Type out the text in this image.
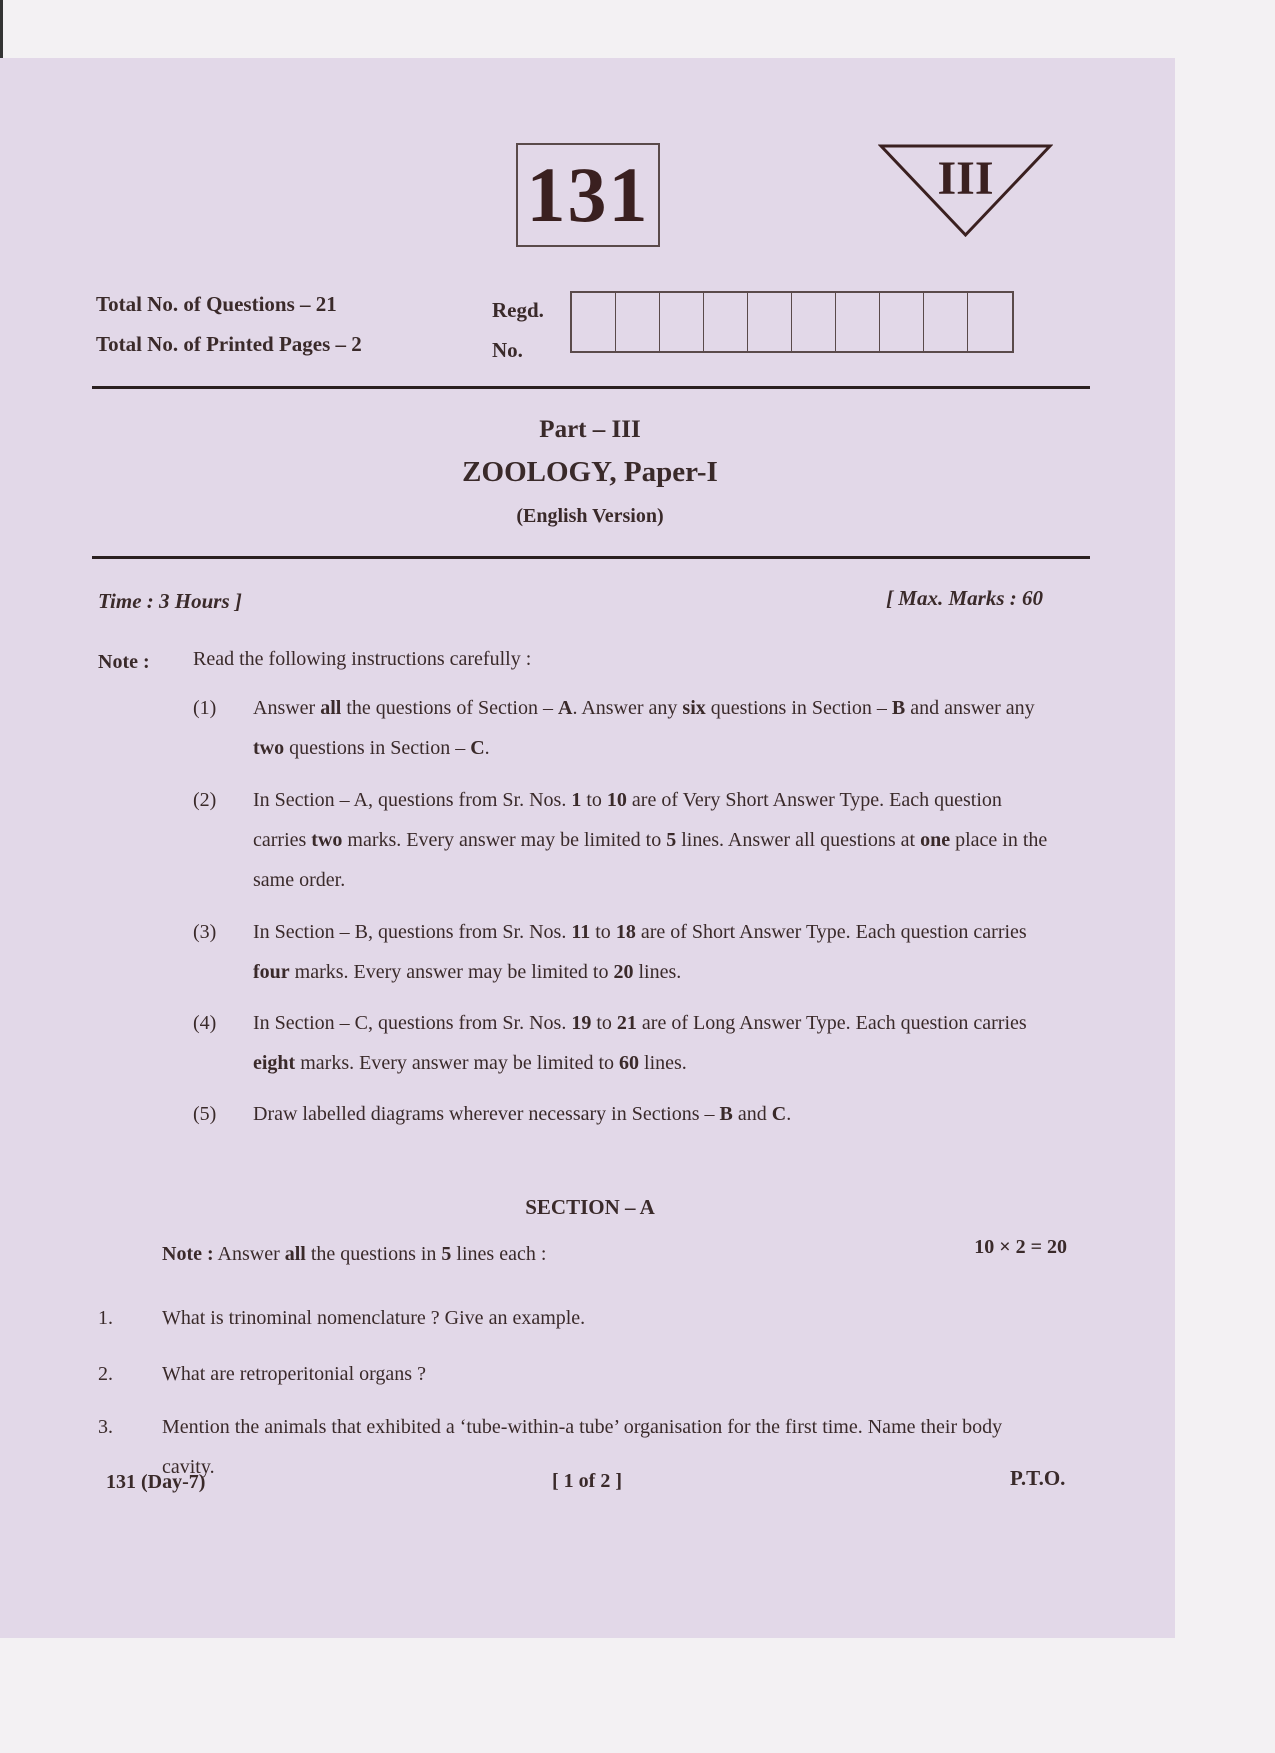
131	III
Total No. of Questions – 21
Total No. of Printed Pages – 2
Regd.
No.
Part – III
ZOOLOGY, Paper-I
(English Version)
Time : 3 Hours ]	[ Max. Marks : 60
Note : Read the following instructions carefully :
(1) Answer all the questions of Section – A. Answer any six questions in Section – B and answer any two questions in Section – C.
(2) In Section – A, questions from Sr. Nos. 1 to 10 are of Very Short Answer Type. Each question carries two marks. Every answer may be limited to 5 lines. Answer all questions at one place in the same order.
(3) In Section – B, questions from Sr. Nos. 11 to 18 are of Short Answer Type. Each question carries four marks. Every answer may be limited to 20 lines.
(4) In Section – C, questions from Sr. Nos. 19 to 21 are of Long Answer Type. Each question carries eight marks. Every answer may be limited to 60 lines.
(5) Draw labelled diagrams wherever necessary in Sections – B and C.
SECTION – A
Note : Answer all the questions in 5 lines each :	10 × 2 = 20
1. What is trinominal nomenclature ? Give an example.
2. What are retroperitonial organs ?
3. Mention the animals that exhibited a ‘tube-within-a tube’ organisation for the first time. Name their body cavity.
131 (Day-7)	[ 1 of 2 ]	P.T.O.
